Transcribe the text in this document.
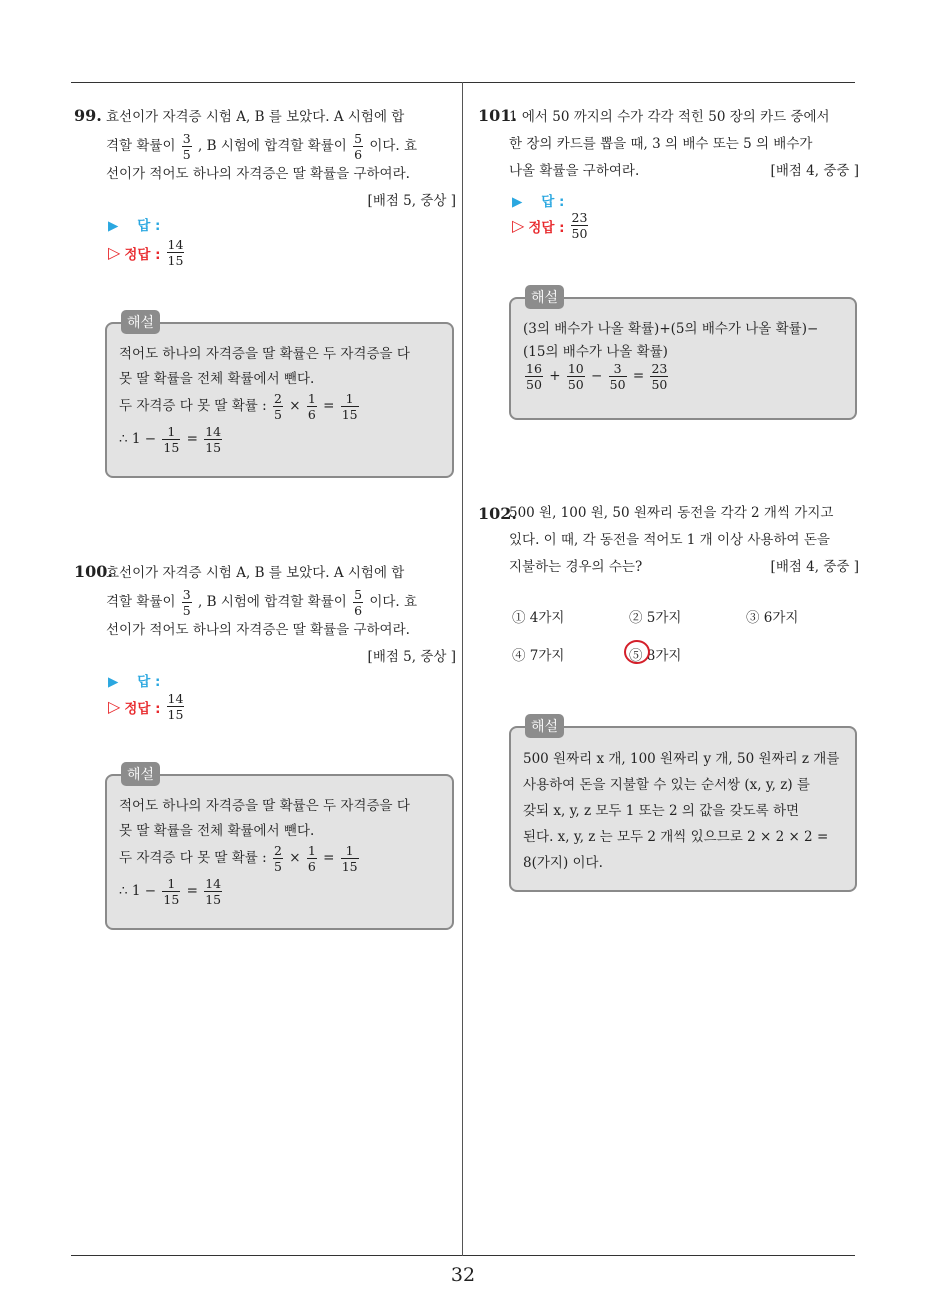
32
99. 효선이가 자격증 시험 A, B 를 보았다. A 시험에 합
격할 확률이 $\frac{3}{5}$ , B 시험에 합격할 확률이 $\frac{5}{6}$ 이다. 효
선이가 적어도 하나의 자격증은 딸 확률을 구하여라.
[배점 5, 중상 ]
▶ 답 :
▷ 정답 : $\frac{14}{15}$
적어도 하나의 자격증을 딸 확률은 두 자격증을 다
못 딸 확률을 전체 확률에서 뺀다.
두 자격증 다 못 딸 확률 : $\frac{2}{5} \times \frac{1}{6} = \frac{1}{15}$
∴ $1 - \frac{1}{15} = \frac{14}{15}$
해설
100.
효선이가 자격증 시험 A, B 를 보았다. A 시험에 합
격할 확률이 $\frac{3}{5}$ , B 시험에 합격할 확률이 $\frac{5}{6}$ 이다. 효
선이가 적어도 하나의 자격증은 딸 확률을 구하여라.
[배점 5, 중상 ]
▶ 답 :
▷ 정답 : $\frac{14}{15}$
적어도 하나의 자격증을 딸 확률은 두 자격증을 다
못 딸 확률을 전체 확률에서 뺀다.
두 자격증 다 못 딸 확률 : $\frac{2}{5} \times \frac{1}{6} = \frac{1}{15}$
∴ $1 - \frac{1}{15} = \frac{14}{15}$
해설
101.
1 에서 50 까지의 수가 각각 적힌 50 장의 카드 중에서
한 장의 카드를 뽑을 때, 3 의 배수 또는 5 의 배수가
나올 확률을 구하여라.	[배점 4, 중중 ]
▶ 답 :
▷ 정답 : $\frac{23}{50}$
(3의 배수가 나올 확률)+(5의 배수가 나올 확률)−
(15의 배수가 나올 확률)
$\frac{16}{50} + \frac{10}{50} - \frac{3}{50} = \frac{23}{50}$
해설
102.
500 원, 100 원, 50 원짜리 동전을 각각 2 개씩 가지고
있다. 이 때, 각 동전을 적어도 1 개 이상 사용하여 돈을
지불하는 경우의 수는?	[배점 4, 중중 ]
① 4가지	② 5가지	③ 6가지
④ 7가지	⑤ 8가지
500 원짜리 x 개, 100 원짜리 y 개, 50 원짜리 z 개를
사용하여 돈을 지불할 수 있는 순서쌍 (x, y, z) 를
갖되 x, y, z 모두 1 또는 2 의 값을 갖도록 하면
된다. x, y, z 는 모두 2 개씩 있으므로 2 × 2 × 2 =
8(가지) 이다.
해설
